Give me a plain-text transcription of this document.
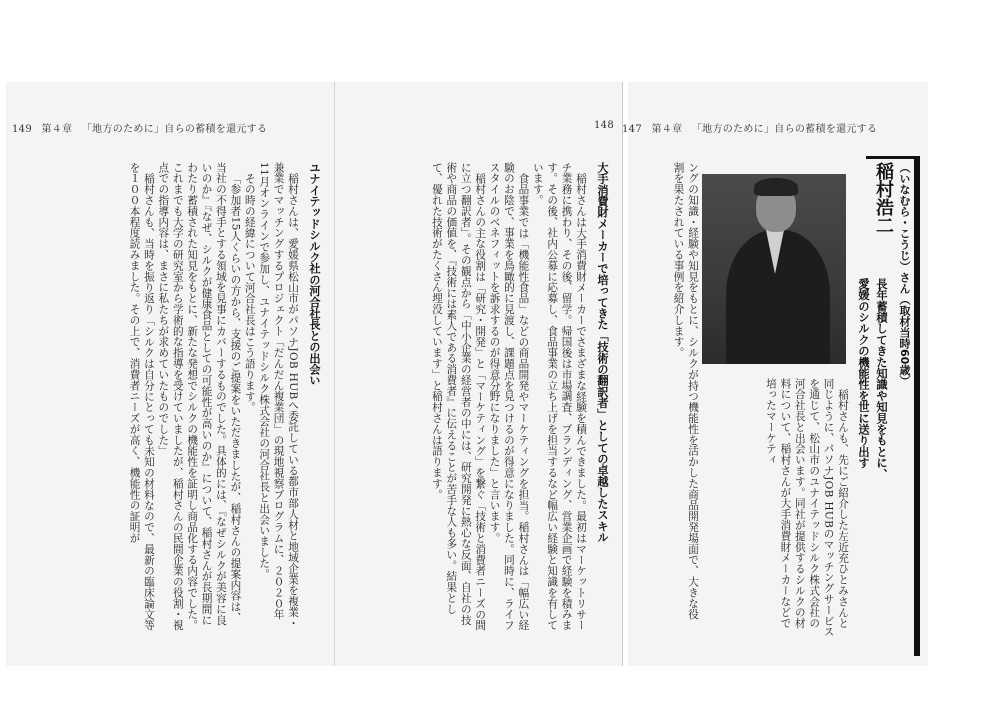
149 第４章 「地方のために」自らの蓄積を還元する	148
大手消費財メーカーで培ってきた「技術の翻訳者」としての卓越したスキル

稲村さんは大手消費財メーカーでさまざまな経験を積んできました。最初はマーケットリサーチ業務に携わり、その後、留学。帰国後は市場調査、ブランディング、営業企画で経験を積みます。その後、社内公募に応募し、食品事業の立ち上げを担当するなど幅広い経験と知識を有しています。

食品事業では「機能性食品」などの商品開発やマーケティングを担当。稲村さんは「幅広い経験のお陰で、事業を鳥瞰的に見渡し、課題点を見つけるのが得意になりました。同時に、ライフスタイルのベネフィットを訴求するのが得意分野になりました」と言います。

稲村さんの主な役割は「研究・開発」と「マーケティング」を繋ぐ「技術と消費者ニーズの間に立つ翻訳者」。その観点から「中小企業の経営者の中には、研究開発に熱心な反面、自社の技術や商品の価値を、『技術には素人である消費者』に伝えることが苦手な人も多い。結果として、優れた技術がたくさん埋没しています」と稲村さんは語ります。

ユナイテッドシルク社の河合社長との出会い

稲村さんは、愛媛県松山市がパソナJOB HUBへ委託している都市部人材と地域企業を複業・兼業でマッチングするプロジェクト「だんだん複業団」の現地視察ブログラムに、２０２０年11月オンラインで参加し、ユナイテッドシルク株式会社の河合社長と出会いました。

その時の経緯について河合社長はこう語ります。

「参加者15人くらいの方から、支援のご提案をいただきましたが、稲村さんの提案内容は、当社の不得手とする領域を見事にカバーするものでした。具体的には、『なぜシルクが美容に良いのか』『なぜ、シルクが健康食品としての可能性が高いのか』について、稲村さんが長期間にわたり蓄積された知見をもとに、新たな発想でシルクの機能性を証明し商品化する内容でした。これまでも大学の研究室から学術的な指導を受けていましたが、稲村さんの民間企業の役割・視点での指導内容は、まさに私たちが求めていたものでした」

稲村さんも、当時を振り返り「シルクは自分にとっても未知の材料なので、最新の臨床論文等を１００本程度読みました。その上で、消費者ニーズが高く、機能性の証明が

147 第４章 「地方のために」自らの蓄積を還元する
ングの知識・経験や知見をもとに、シルクが持つ機能性を活かした商品開発場面で、大きな役割を果たされている事例を紹介します。

稲村さんも、先にご紹介した左近充ひとみさんと同じように、パソナJOB HUBのマッチングサービスを通じて、松山市のユナイテッドシルク株式会社の河合社長と出会います。同社が提供するシルクの材料について、稲村さんが大手消費財メーカーなどで培ったマーケティ	愛媛のシルクの機能性を世に送り出す 長年蓄積してきた知識や知見をもとに、
稲村浩二 （いなむら・こうじ）さん
（取材当時60歳）
